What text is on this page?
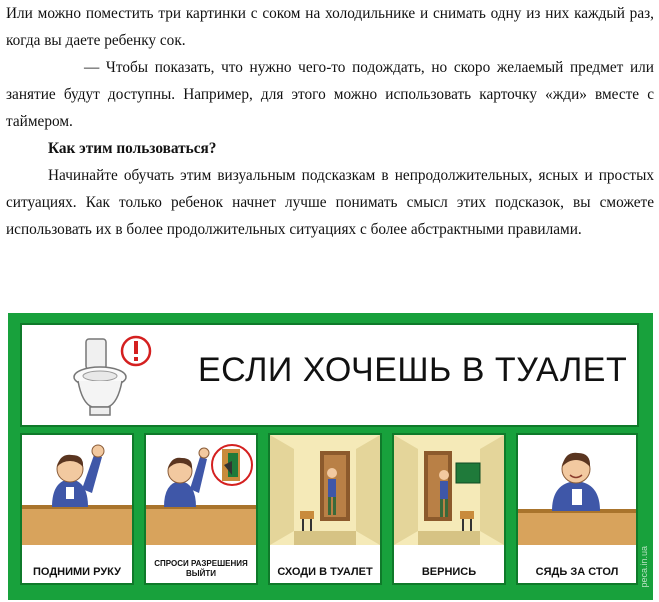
Или можно поместить три картинки с соком на холодильнике и снимать одну из них каждый раз, когда вы даете ребенку сок.

— Чтобы показать, что нужно чего-то подождать, но скоро желаемый предмет или занятие будут доступны. Например, для этого можно использовать карточку «жди» вместе с таймером.

Как этим пользоваться?

Начинайте обучать этим визуальным подсказкам в непродолжительных, ясных и простых ситуациях. Как только ребенок начнет лучше понимать смысл этих подсказок, вы сможете использовать их в более продолжительных ситуациях с более абстрактными правилами.

ЕСЛИ ХОЧЕШЬ В ТУАЛЕТ
ПОДНИМИ РУКУ
СПРОСИ РАЗРЕШЕНИЯ ВЫЙТИ	СХОДИ В ТУАЛЕТ	ВЕРНИСЬ	СЯДЬ ЗА СТОЛ	peca.in.ua
